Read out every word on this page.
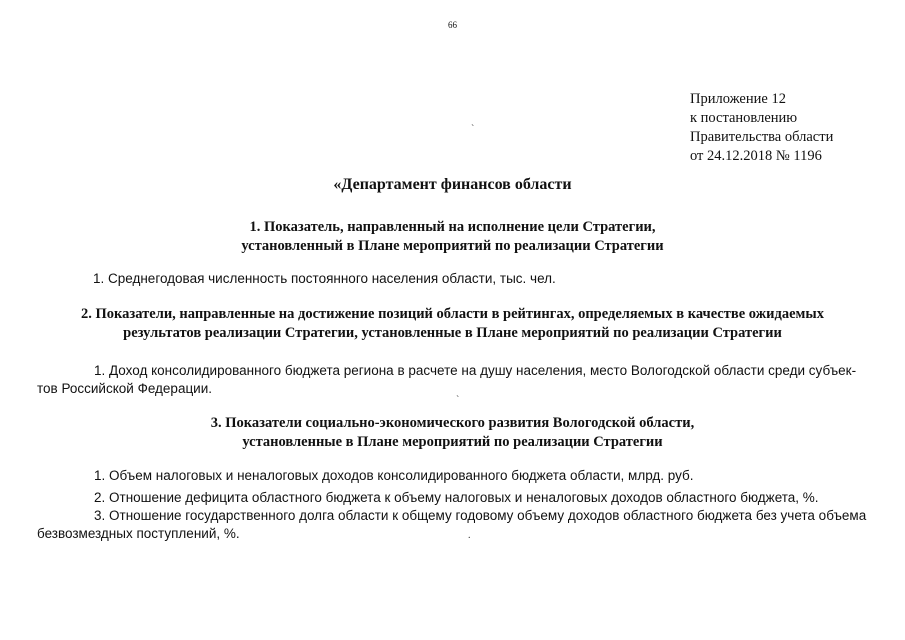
66
`
Приложение 12
к постановлению
Правительства области
от 24.12.2018 № 1196
«Департамент финансов области
1. Показатель, направленный на исполнение цели Стратегии,
установленный в Плане мероприятий по реализации Стратегии
1. Среднегодовая численность постоянного населения области, тыс. чел.
2. Показатели, направленные на достижение позиций области в рейтингах, определяемых в качестве ожидаемых
результатов реализации Стратегии, установленные в Плане мероприятий по реализации Стратегии
1. Доход консолидированного бюджета региона в расчете на душу населения, место Вологодской области среди субъек-
тов Российской Федерации.
`
3. Показатели социально-экономического развития Вологодской области,
установленные в Плане мероприятий по реализации Стратегии
1. Объем налоговых и неналоговых доходов консолидированного бюджета области, млрд. руб.
2. Отношение дефицита областного бюджета к объему налоговых и неналоговых доходов областного бюджета, %.
3. Отношение государственного долга области к общему годовому объему доходов областного бюджета без учета объема
безвозмездных поступлений, %.	.
